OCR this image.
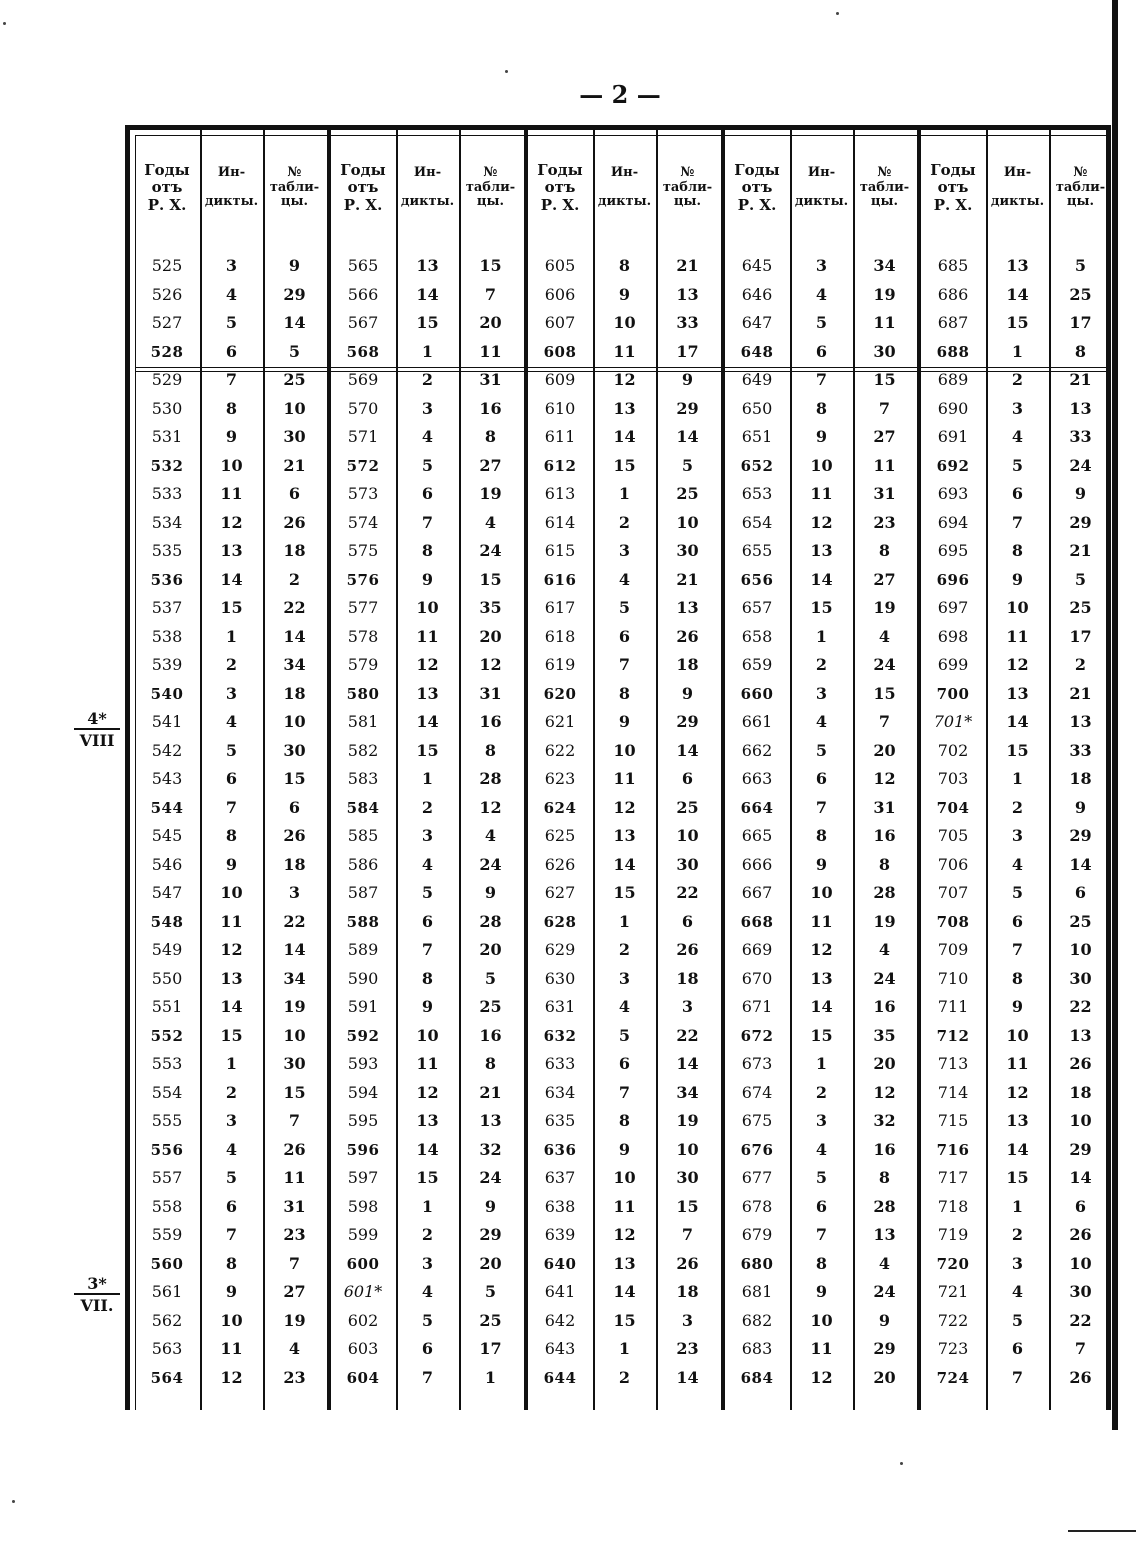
— 2 —
Годы
отъ
Р. Х.
Ин-

дикты.
№
табли-
цы.
Годы
отъ
Р. Х.
Ин-

дикты.
№
табли-
цы.
Годы
отъ
Р. Х.
Ин-

дикты.
№
табли-
цы.
Годы
отъ
Р. Х.
Ин-

дикты.
№
табли-
цы.
Годы
отъ
Р. Х.
Ин-

дикты.
№
табли-
цы.
525
526
527
528
529
530
531
532
533
534
535
536
537
538
539
540
541
542
543
544
545
546
547
548
549
550
551
552
553
554
555
556
557
558
559
560
561
562
563
564
3
4
5
6
7
8
9
10
11
12
13
14
15
1
2
3
4
5
6
7
8
9
10
11
12
13
14
15
1
2
3
4
5
6
7
8
9
10
11
12
9
29
14
5
25
10
30
21
6
26
18
2
22
14
34
18
10
30
15
6
26
18
3
22
14
34
19
10
30
15
7
26
11
31
23
7
27
19
4
23
565
566
567
568
569
570
571
572
573
574
575
576
577
578
579
580
581
582
583
584
585
586
587
588
589
590
591
592
593
594
595
596
597
598
599
600
601*
602
603
604
13
14
15
1
2
3
4
5
6
7
8
9
10
11
12
13
14
15
1
2
3
4
5
6
7
8
9
10
11
12
13
14
15
1
2
3
4
5
6
7
15
7
20
11
31
16
8
27
19
4
24
15
35
20
12
31
16
8
28
12
4
24
9
28
20
5
25
16
8
21
13
32
24
9
29
20
5
25
17
1
605
606
607
608
609
610
611
612
613
614
615
616
617
618
619
620
621
622
623
624
625
626
627
628
629
630
631
632
633
634
635
636
637
638
639
640
641
642
643
644
8
9
10
11
12
13
14
15
1
2
3
4
5
6
7
8
9
10
11
12
13
14
15
1
2
3
4
5
6
7
8
9
10
11
12
13
14
15
1
2
21
13
33
17
9
29
14
5
25
10
30
21
13
26
18
9
29
14
6
25
10
30
22
6
26
18
3
22
14
34
19
10
30
15
7
26
18
3
23
14
645
646
647
648
649
650
651
652
653
654
655
656
657
658
659
660
661
662
663
664
665
666
667
668
669
670
671
672
673
674
675
676
677
678
679
680
681
682
683
684
3
4
5
6
7
8
9
10
11
12
13
14
15
1
2
3
4
5
6
7
8
9
10
11
12
13
14
15
1
2
3
4
5
6
7
8
9
10
11
12
34
19
11
30
15
7
27
11
31
23
8
27
19
4
24
15
7
20
12
31
16
8
28
19
4
24
16
35
20
12
32
16
8
28
13
4
24
9
29
20
685
686
687
688
689
690
691
692
693
694
695
696
697
698
699
700
701*
702
703
704
705
706
707
708
709
710
711
712
713
714
715
716
717
718
719
720
721
722
723
724
13
14
15
1
2
3
4
5
6
7
8
9
10
11
12
13
14
15
1
2
3
4
5
6
7
8
9
10
11
12
13
14
15
1
2
3
4
5
6
7
5
25
17
8
21
13
33
24
9
29
21
5
25
17
2
21
13
33
18
9
29
14
6
25
10
30
22
13
26
18
10
29
14
6
26
10
30
22
7
26
4*
VIII
3*
VII.
